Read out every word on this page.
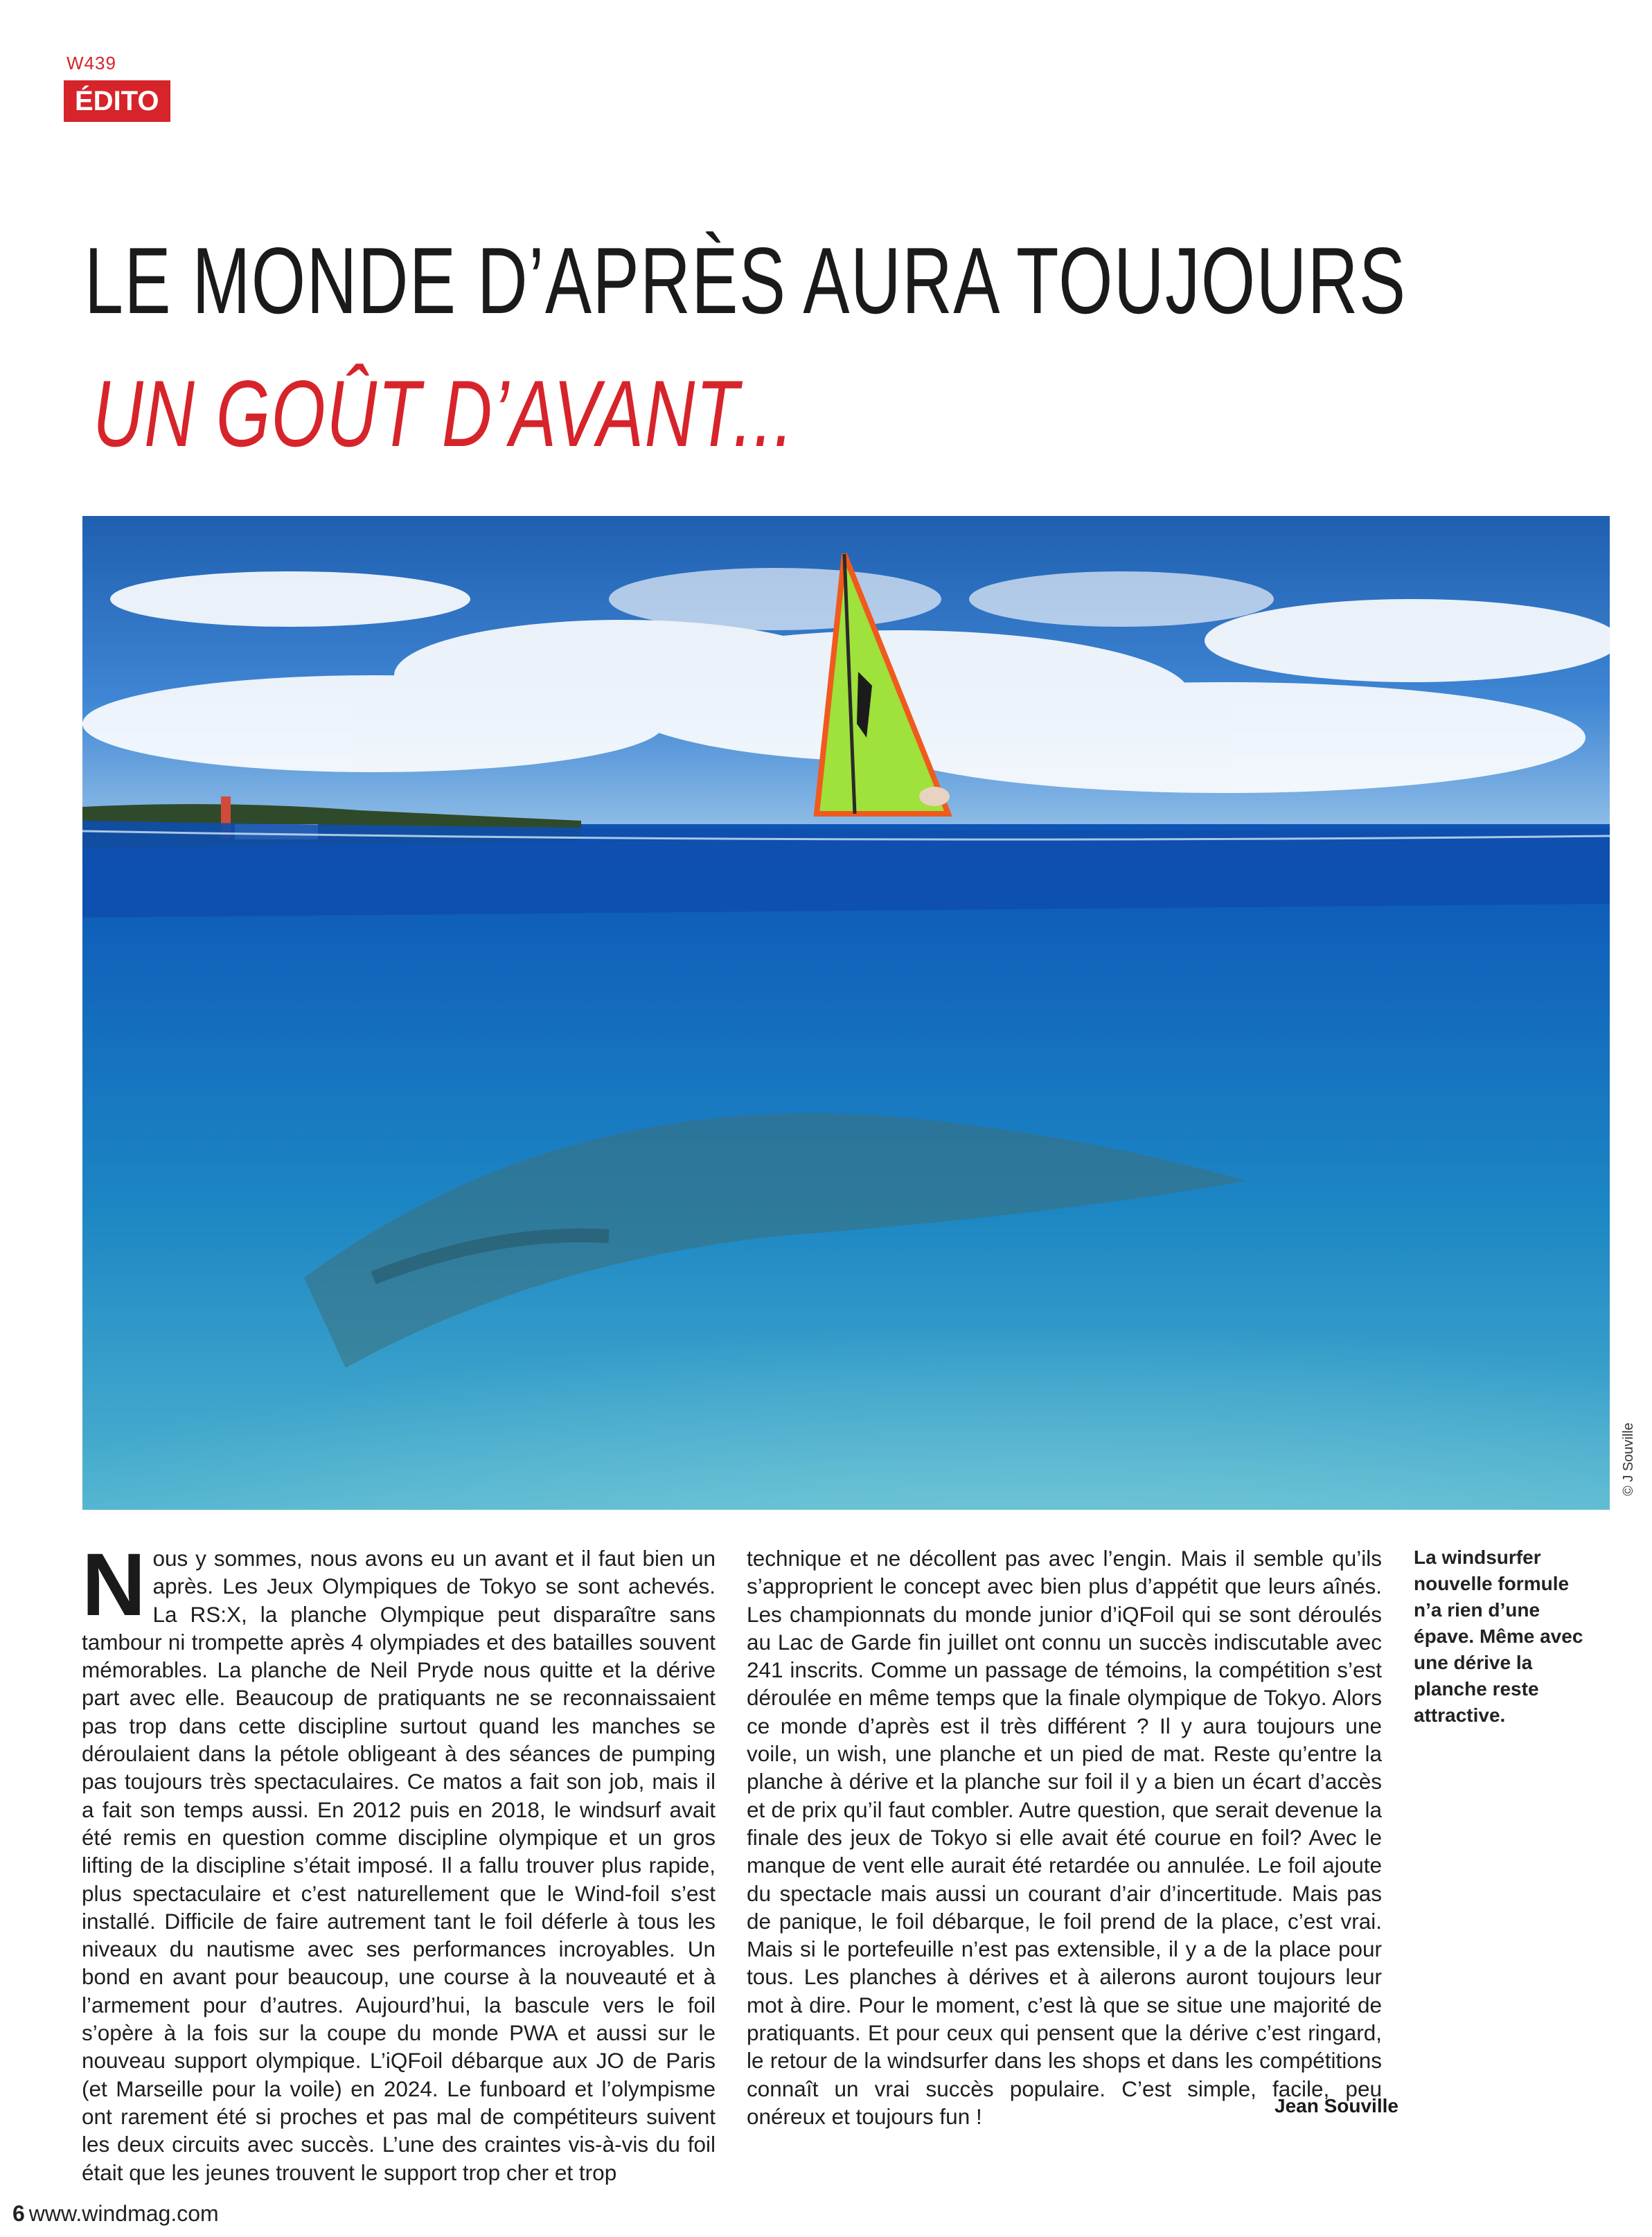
W439
ÉDITO
LE MONDE D’APRÈS AURA TOUJOURS
UN GOÛT D’AVANT...
© J Souville
Nous y sommes, nous avons eu un avant et il faut bien un après. Les Jeux Olympiques de Tokyo se sont achevés. La RS:X, la planche Olympique peut disparaître sans tambour ni trompette après 4 olympiades et des batailles souvent mémorables. La planche de Neil Pryde nous quitte et la dérive part avec elle. Beaucoup de pratiquants ne se reconnaissaient pas trop dans cette discipline surtout quand les manches se déroulaient dans la pétole obligeant à des séances de pumping pas toujours très spectaculaires. Ce matos a fait son job, mais il a fait son temps aussi. En 2012 puis en 2018, le windsurf avait été remis en question comme discipline olympique et un gros lifting de la discipline s’était imposé. Il a fallu trouver plus rapide, plus spectaculaire et c’est naturellement que le Wind-foil s’est installé. Difficile de faire autrement tant le foil déferle à tous les niveaux du nautisme avec ses performances incroyables. Un bond en avant pour beaucoup, une course à la nouveauté et à l’armement pour d’autres. Aujourd’hui, la bascule vers le foil s’opère à la fois sur la coupe du monde PWA et aussi sur le nouveau support olympique. L’iQFoil débarque aux JO de Paris (et Marseille pour la voile) en 2024. Le funboard et l’olympisme ont rarement été si proches et pas mal de compétiteurs suivent les deux circuits avec succès. L’une des craintes vis-à-vis du foil était que les jeunes trouvent le support trop cher et trop
technique et ne décollent pas avec l’engin. Mais il semble qu’ils s’approprient le concept avec bien plus d’appétit que leurs aînés. Les championnats du monde junior d’iQFoil qui se sont déroulés au Lac de Garde fin juillet ont connu un succès indiscutable avec 241 inscrits. Comme un passage de témoins, la compétition s’est déroulée en même temps que la finale olympique de Tokyo. Alors ce monde d’après est il très différent ? Il y aura toujours une voile, un wish, une planche et un pied de mat. Reste qu’entre la planche à dérive et la planche sur foil il y a bien un écart d’accès et de prix qu’il faut combler. Autre question, que serait devenue la finale des jeux de Tokyo si elle avait été courue en foil? Avec le manque de vent elle aurait été retardée ou annulée. Le foil ajoute du spectacle mais aussi un courant d’air d’incertitude. Mais pas de panique, le foil débarque, le foil prend de la place, c’est vrai. Mais si le portefeuille n’est pas extensible, il y a de la place pour tous. Les planches à dérives et à ailerons auront toujours leur mot à dire. Pour le moment, c’est là que se situe une majorité de pratiquants. Et pour ceux qui pensent que la dérive c’est ringard, le retour de la windsurfer dans les shops et dans les compétitions connaît un vrai succès populaire. C’est simple, facile, peu onéreux et toujours fun !
La windsurfer nouvelle formule n’a rien d’une épave. Même avec une dérive la planche reste attractive.
Jean Souville
6 www.windmag.com
